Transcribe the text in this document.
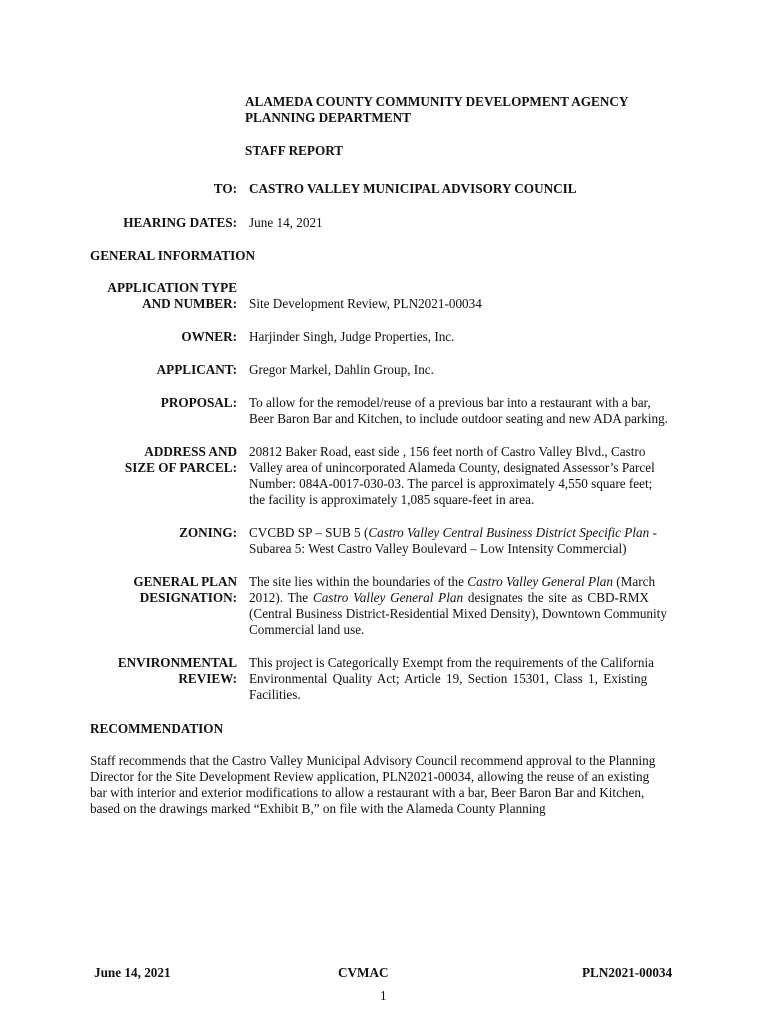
ALAMEDA COUNTY COMMUNITY DEVELOPMENT AGENCY
PLANNING DEPARTMENT
STAFF REPORT
TO: CASTRO VALLEY MUNICIPAL ADVISORY COUNCIL
HEARING DATES: June 14, 2021
GENERAL INFORMATION
APPLICATION TYPE
AND NUMBER: Site Development Review, PLN2021-00034
OWNER: Harjinder Singh, Judge Properties, Inc.
APPLICANT: Gregor Markel, Dahlin Group, Inc.
PROPOSAL: To allow for the remodel/reuse of a previous bar into a restaurant with a bar,
Beer Baron Bar and Kitchen, to include outdoor seating and new ADA parking.
ADDRESS AND
SIZE OF PARCEL:
20812 Baker Road, east side , 156 feet north of Castro Valley Blvd., Castro
Valley area of unincorporated Alameda County, designated Assessor’s Parcel
Number: 084A-0017-030-03. The parcel is approximately 4,550 square feet;
the facility is approximately 1,085 square-feet in area.
ZONING: CVCBD SP – SUB 5 (Castro Valley Central Business District Specific Plan -
Subarea 5: West Castro Valley Boulevard – Low Intensity Commercial)
GENERAL PLAN
DESIGNATION:
The site lies within the boundaries of the Castro Valley General Plan (March
2012). The Castro Valley General Plan designates the site as CBD-RMX
(Central Business District-Residential Mixed Density), Downtown Community
Commercial land use.
ENVIRONMENTAL
REVIEW:
This project is Categorically Exempt from the requirements of the California
Environmental Quality Act; Article 19, Section 15301, Class 1, Existing
Facilities.
RECOMMENDATION
Staff recommends that the Castro Valley Municipal Advisory Council recommend approval to the Planning
Director for the Site Development Review application, PLN2021-00034, allowing the reuse of an existing
bar with interior and exterior modifications to allow a restaurant with a bar, Beer Baron Bar and Kitchen,
based on the drawings marked “Exhibit B,” on file with the Alameda County Planning
June 14, 2021	CVMAC	PLN2021-00034
1
